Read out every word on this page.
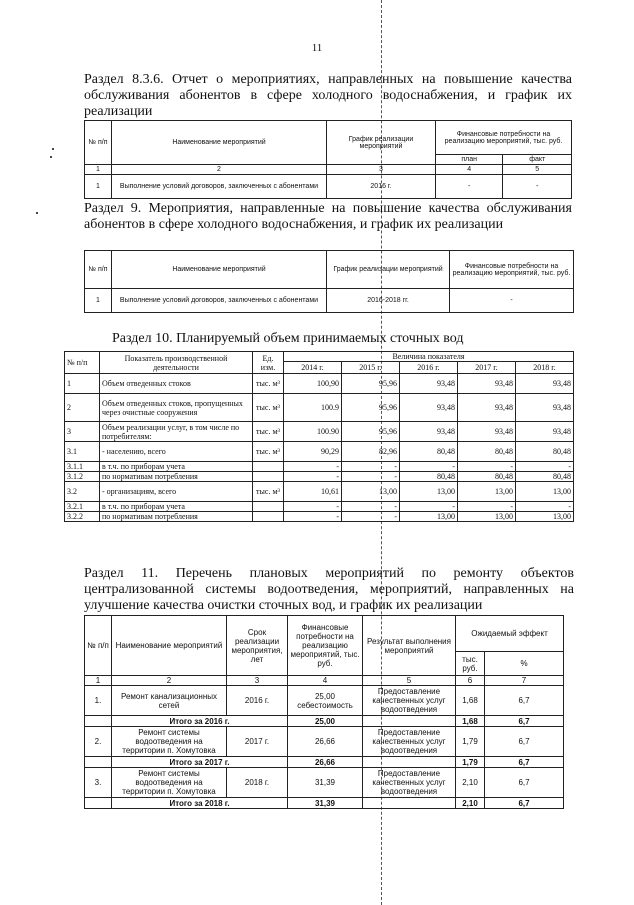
11
Раздел 8.3.6. Отчет о мероприятиях, направленных на повышение качества обслуживания абонентов в сфере холодного водоснабжения, и график их реализации
№ п/п	Наименование мероприятий	График реализации мероприятий	Финансовые потребности на реализацию мероприятий, тыс. руб.	
			план	факт
1	2	3	4	5
1	Выполнение условий договоров, заключенных с абонентами	2016 г.	-	-
Раздел 9. Мероприятия, направленные на повышение качества обслуживания абонентов в сфере холодного водоснабжения, и график их реализации
№ п/п	Наименование мероприятий	График реализации мероприятий	Финансовые потребности на реализацию мероприятий, тыс. руб.
1	Выполнение условий договоров, заключенных с абонентами	2016-2018 гг.	-
Раздел 10. Планируемый объем принимаемых сточных вод
№ п/п	Показатель производственной деятельности	Ед. изм.	Величина показателя				
			2014 г.	2015 г.	2016 г.	2017 г.	2018 г.
1	Объем отведенных стоков	тыс. м³	100,90	95,96	93,48	93,48	93,48
2	Объем отведенных стоков, пропущенных через очистные сооружения	тыс. м³	100.9	95,96	93,48	93,48	93,48
3	Объем реализации услуг, в том числе по потребителям:	тыс. м³	100.90	95,96	93,48	93,48	93,48
3.1	- населению, всего	тыс. м³	90,29	82,96	80,48	80,48	80,48
3.1.1	в т.ч. по приборам учета		-	-	-	-	-
3.1.2	по нормативам потребления		-	-	80,48	80,48	80,48
3.2	- организациям, всего	тыс. м³	10,61	13,00	13,00	13,00	13,00
3.2.1	в т.ч. по приборам учета		-	-	-	-	-
3.2.2	по нормативам потребления		-	-	13,00	13,00	13,00
Раздел 11. Перечень плановых мероприятий по ремонту объектов централизованной системы водоотведения, мероприятий, направленных на улучшение качества очистки сточных вод, и график их реализации
№ п/п	Наименование мероприятий	Срок реализации мероприятия, лет	Финансовые потребности на реализацию мероприятий, тыс. руб.	Результат выполнения мероприятий	Ожидаемый эффект	
					тыс. руб.	%
1	2	3	4	5	6	7
1.	Ремонт канализационных сетей	2016 г.	25,00 себестоимость	Предоставление качественных услуг водоотведения	1,68	6,7
	Итого за 2016 г.		25,00		1,68	6,7
2.	Ремонт системы водоотведения на территории п. Хомутовка	2017 г.	26,66	Предоставление качественных услуг водоотведения	1,79	6,7
	Итого за 2017 г.		26,66		1,79	6,7
3.	Ремонт системы водоотведения на территории п. Хомутовка	2018 г.	31,39	Предоставление качественных услуг водоотведения	2,10	6,7
	Итого за 2018 г.		31,39		2,10	6,7
